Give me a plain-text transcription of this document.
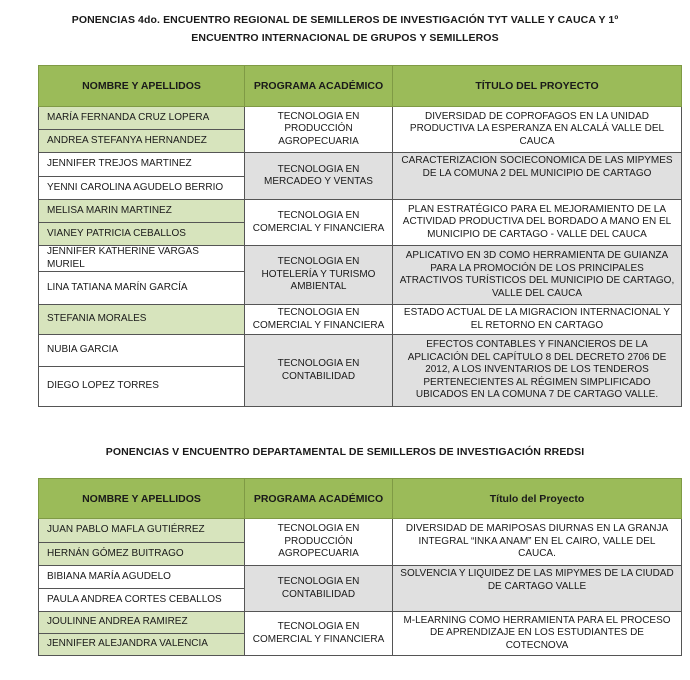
PONENCIAS 4do. ENCUENTRO REGIONAL DE SEMILLEROS DE INVESTIGACIÓN TYT VALLE Y CAUCA Y 1º
ENCUENTRO INTERNACIONAL DE GRUPOS Y SEMILLEROS
NOMBRE Y APELLIDOS	PROGRAMA ACADÉMICO	TÍTULO DEL PROYECTO
MARÍA FERNANDA CRUZ LOPERA	TECNOLOGIA EN PRODUCCIÓN AGROPECUARIA	DIVERSIDAD DE COPROFAGOS EN LA UNIDAD PRODUCTIVA LA ESPERANZA EN ALCALÁ VALLE DEL CAUCA
ANDREA STEFANYA HERNANDEZ		
JENNIFER TREJOS MARTINEZ	TECNOLOGIA EN MERCADEO Y VENTAS	CARACTERIZACION SOCIECONOMICA DE LAS MIPYMES DE LA COMUNA 2 DEL MUNICIPIO DE CARTAGO
YENNI CAROLINA AGUDELO BERRIO		
MELISA MARIN MARTINEZ	TECNOLOGIA EN COMERCIAL Y FINANCIERA	PLAN ESTRATÉGICO PARA EL MEJORAMIENTO DE LA ACTIVIDAD PRODUCTIVA DEL BORDADO A MANO EN EL MUNICIPIO DE CARTAGO - VALLE DEL CAUCA
VIANEY PATRICIA CEBALLOS		
JENNIFER KATHERINE VARGAS MURIEL	TECNOLOGIA EN HOTELERÍA Y TURISMO AMBIENTAL	APLICATIVO EN 3D COMO HERRAMIENTA DE GUIANZA PARA LA PROMOCIÓN DE LOS PRINCIPALES ATRACTIVOS TURÍSTICOS DEL MUNICIPIO DE CARTAGO, VALLE DEL CAUCA
LINA TATIANA MARÍN GARCÍA		
STEFANIA MORALES	TECNOLOGIA EN COMERCIAL Y FINANCIERA	ESTADO ACTUAL DE LA MIGRACION INTERNACIONAL Y EL RETORNO EN CARTAGO
NUBIA GARCIA	TECNOLOGIA EN CONTABILIDAD	EFECTOS CONTABLES Y FINANCIEROS DE LA APLICACIÓN DEL CAPÍTULO 8 DEL DECRETO 2706 DE 2012, A LOS INVENTARIOS DE LOS TENDEROS PERTENECIENTES AL RÉGIMEN SIMPLIFICADO UBICADOS EN LA COMUNA 7 DE CARTAGO VALLE.
DIEGO LOPEZ TORRES		
PONENCIAS V ENCUENTRO DEPARTAMENTAL DE SEMILLEROS DE INVESTIGACIÓN RREDSI
NOMBRE Y APELLIDOS	PROGRAMA ACADÉMICO	Título del Proyecto
JUAN PABLO MAFLA GUTIÉRREZ	TECNOLOGIA EN PRODUCCIÓN AGROPECUARIA	DIVERSIDAD DE MARIPOSAS DIURNAS EN LA GRANJA INTEGRAL “INKA ANAM” EN EL CAIRO, VALLE DEL CAUCA.
HERNÁN GÓMEZ BUITRAGO		
BIBIANA MARÍA AGUDELO	TECNOLOGIA EN CONTABILIDAD	SOLVENCIA Y LIQUIDEZ DE LAS MIPYMES DE LA CIUDAD DE CARTAGO VALLE
PAULA ANDREA CORTES CEBALLOS		
JOULINNE ANDREA RAMIREZ	TECNOLOGIA EN COMERCIAL Y FINANCIERA	M-LEARNING COMO HERRAMIENTA PARA EL PROCESO DE APRENDIZAJE EN LOS ESTUDIANTES DE COTECNOVA
JENNIFER ALEJANDRA VALENCIA		
